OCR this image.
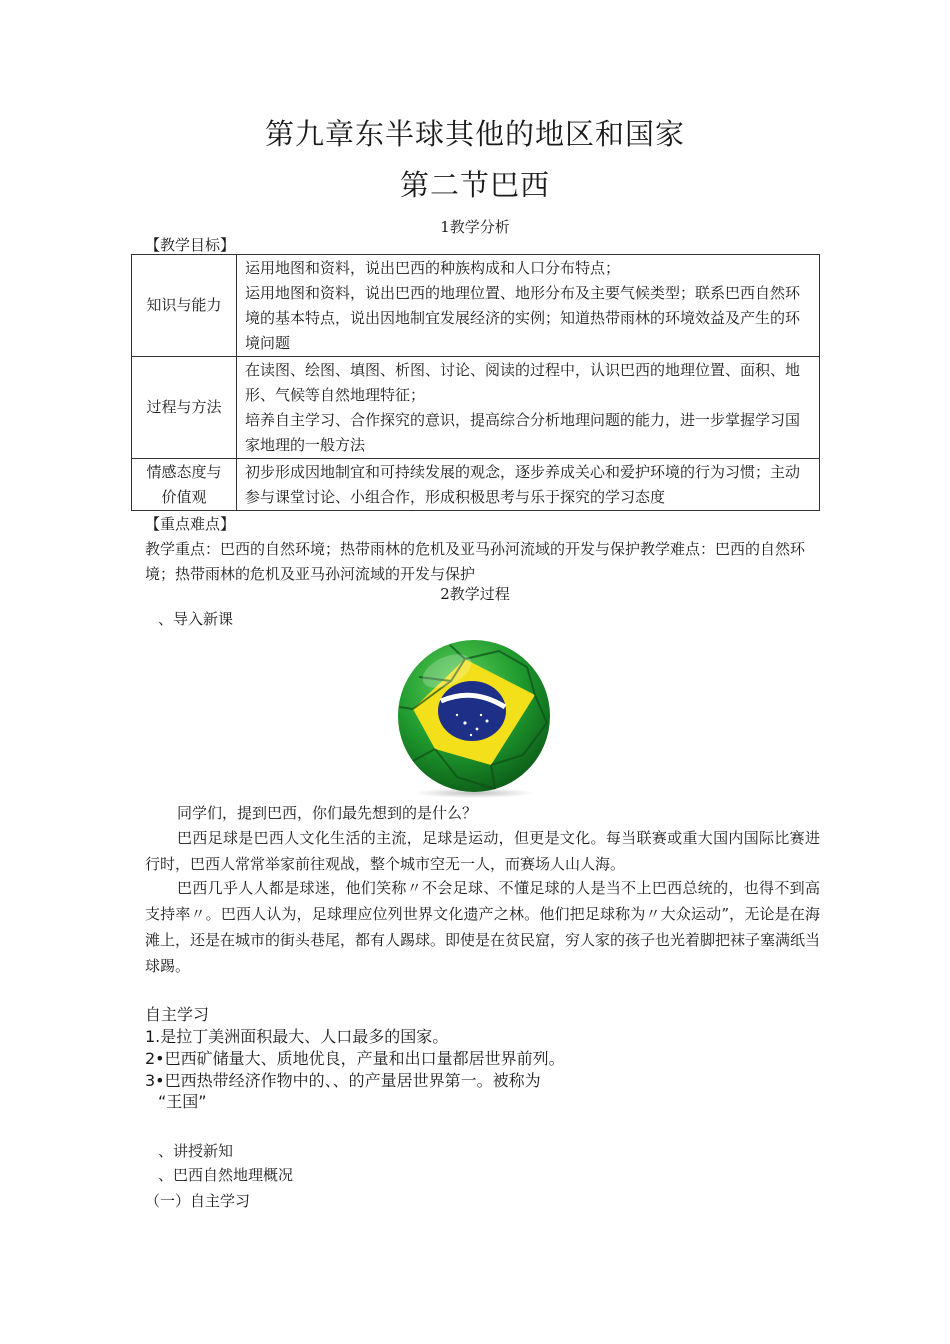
第九章东半球其他的地区和国家
第二节巴西
1教学分析
【教学目标】
知识与能力	运用地图和资料，说出巴西的种族构成和人口分布特点；
运用地图和资料，说出巴西的地理位置、地形分布及主要气候类型；联系巴西自然环境的基本特点，说出因地制宜发展经济的实例；知道热带雨林的环境效益及产生的环境问题

过程与方法	在读图、绘图、填图、析图、讨论、阅读的过程中，认识巴西的地理位置、面积、地形、气候等自然地理特征；
培养自主学习、合作探究的意识，提高综合分析地理问题的能力，进一步掌握学习国家地理的一般方法

情感态度与
价值观	初步形成因地制宜和可持续发展的观念，逐步养成关心和爱护环境的行为习惯；主动参与课堂讨论、小组合作，形成积极思考与乐于探究的学习态度
【重点难点】
教学重点：巴西的自然环境；热带雨林的危机及亚马孙河流域的开发与保护教学难点：巴西的自然环境；热带雨林的危机及亚马孙河流域的开发与保护
2教学过程
、导入新课
同学们，提到巴西，你们最先想到的是什么？
巴西足球是巴西人文化生活的主流，足球是运动，但更是文化。每当联赛或重大国内国际比赛进行时，巴西人常常举家前往观战，整个城市空无一人，而赛场人山人海。
巴西几乎人人都是球迷，他们笑称〃不会足球、不懂足球的人是当不上巴西总统的，也得不到高支持率〃。巴西人认为，足球理应位列世界文化遗产之林。他们把足球称为〃大众运动”，无论是在海滩上，还是在城市的街头巷尾，都有人踢球。即使是在贫民窟，穷人家的孩子也光着脚把袜子塞满纸当球踢。
自主学习
1.是拉丁美洲面积最大、人口最多的国家。
2•巴西矿储量大、质地优良，产量和出口量都居世界前列。
3•巴西热带经济作物中的、、的产量居世界第一。被称为
“王国”
、讲授新知
、巴西自然地理概况
（一）自主学习
